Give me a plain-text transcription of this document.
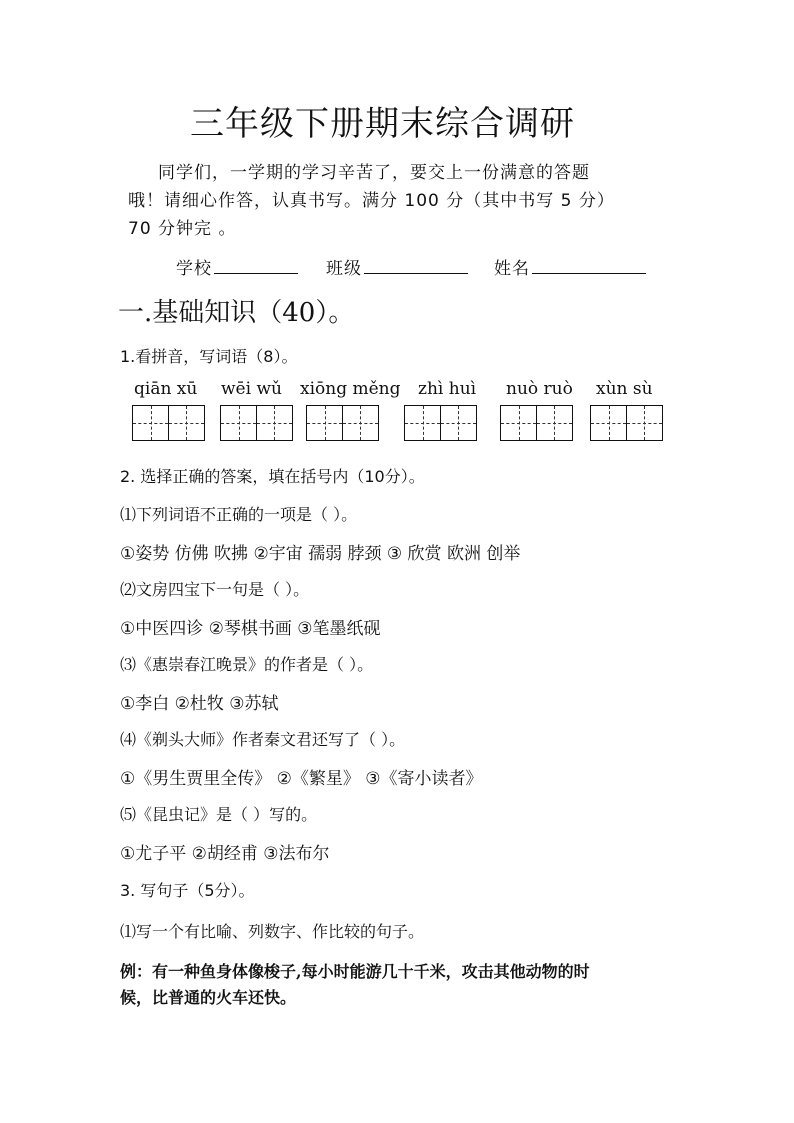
三年级下册期末综合调研
同学们，一学期的学习辛苦了，要交上一份满意的答题
哦！请细心作答，认真书写。满分 100 分（其中书写 5 分）
70 分钟完 。
学校	班级	姓名
一.基础知识（40）。
1.看拼音，写词语（8）。
qiān xū wēi wǔ xiōng měng zhì huì nuò ruò xùn sù
2. 选择正确的答案，填在括号内（10分）。
⑴下列词语不正确的一项是（ ）。
①姿势 仿佛 吹拂 ②宇宙 孺弱 脖颈 ③ 欣赏 欧洲 创举
⑵文房四宝下一句是（ ）。
①中医四诊 ②琴棋书画 ③笔墨纸砚
⑶《惠崇春江晚景》的作者是（ ）。
①李白 ②杜牧 ③苏轼
⑷《剃头大师》作者秦文君还写了（ ）。
①《男生贾里全传》 ②《繁星》 ③《寄小读者》
⑸《昆虫记》是（ ）写的。
①尤子平 ②胡经甫 ③法布尔
3. 写句子（5分）。
⑴写一个有比喻、列数字、作比较的句子。
例：有一种鱼身体像梭子,每小时能游几十千米，攻击其他动物的时
候，比普通的火车还快。
